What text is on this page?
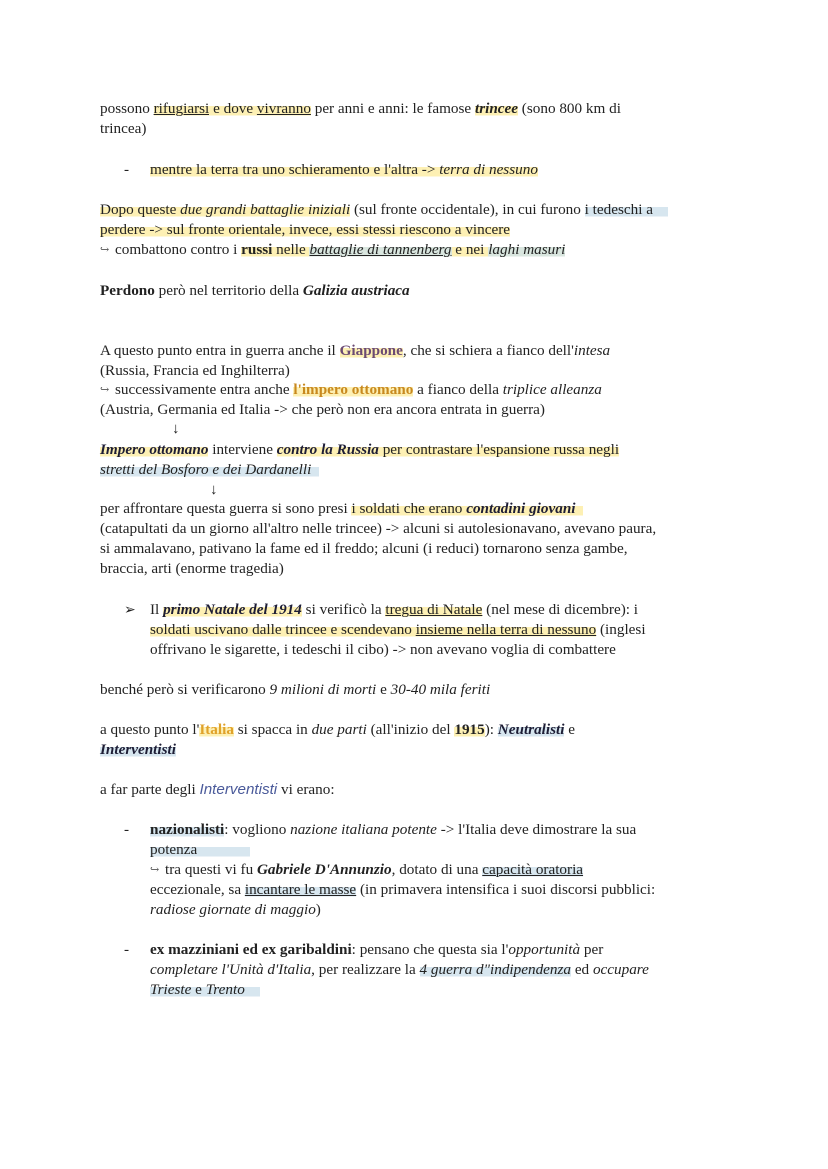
possono rifugiarsi e dove vivranno per anni e anni: le famose trincee (sono 800 km di
trincea)
- mentre la terra tra uno schieramento e l'altra -> terra di nessuno
Dopo queste due grandi battaglie iniziali (sul fronte occidentale), in cui furono i tedeschi a
perdere -> sul fronte orientale, invece, essi stessi riescono a vincere
↪ combattono contro i russi nelle battaglie di tannenberg e nei laghi masuri
Perdono però nel territorio della Galizia austriaca
A questo punto entra in guerra anche il Giappone, che si schiera a fianco dell'intesa
(Russia, Francia ed Inghilterra)
↪ successivamente entra anche l'impero ottomano a fianco della triplice alleanza
(Austria, Germania ed Italia -> che però non era ancora entrata in guerra)
↓
Impero ottomano interviene contro la Russia per contrastare l'espansione russa negli
stretti del Bosforo e dei Dardanelli
↓
per affrontare questa guerra si sono presi i soldati che erano contadini giovani
(catapultati da un giorno all'altro nelle trincee) -> alcuni si autolesionavano, avevano paura,
si ammalavano, pativano la fame ed il freddo; alcuni (i reduci) tornarono senza gambe,
braccia, arti (enorme tragedia)
➢ Il primo Natale del 1914 si verificò la tregua di Natale (nel mese di dicembre): i
soldati uscivano dalle trincee e scendevano insieme nella terra di nessuno (inglesi
offrivano le sigarette, i tedeschi il cibo) -> non avevano voglia di combattere
benché però si verificarono 9 milioni di morti e 30-40 mila feriti
a questo punto l'Italia si spacca in due parti (all'inizio del 1915): Neutralisti e
Interventisti
a far parte degli Interventisti vi erano:
- nazionalisti: vogliono nazione italiana potente -> l'Italia deve dimostrare la sua
potenza
↪ tra questi vi fu Gabriele D'Annunzio, dotato di una capacità oratoria
eccezionale, sa incantare le masse (in primavera intensifica i suoi discorsi pubblici:
radiose giornate di maggio)
- ex mazziniani ed ex garibaldini: pensano che questa sia l'opportunità per
completare l'Unità d'Italia, per realizzare la 4 guerra d"indipendenza ed occupare
Trieste e Trento
